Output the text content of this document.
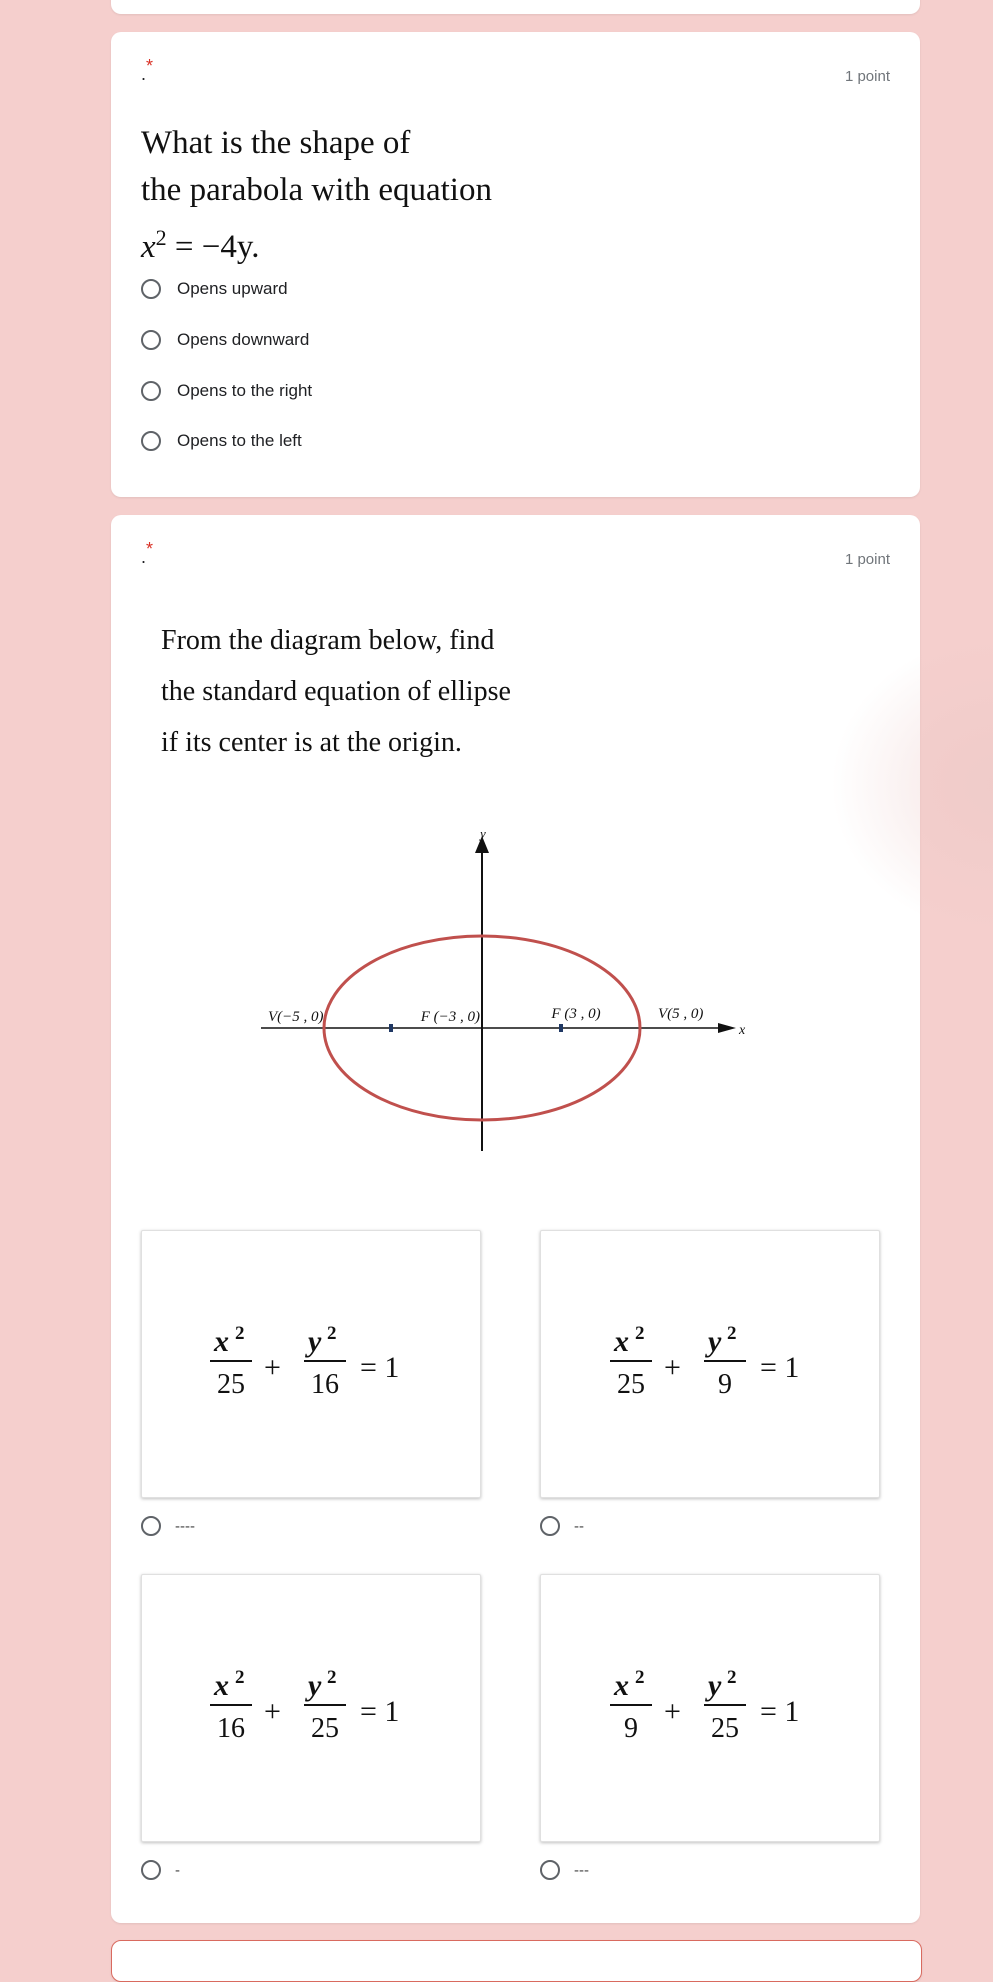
.*
1 point
What is the shape of
the parabola with equation
$x^2 = -4y$.
Opens upward
Opens downward
Opens to the right
Opens to the left
.*
1 point
From the diagram below, find
the standard equation of ellipse
if its center is at the origin.
y
x
V(−5 , 0)	F (−3 , 0)	F (3 , 0)	V(5 , 0)
x 2
25
+
y 2
16
= 1
----
x 2
25
+
y 2
9
= 1
--
x 2
16
+
y 2
25
= 1
-
x 2
9
+
y 2
25
= 1
---
